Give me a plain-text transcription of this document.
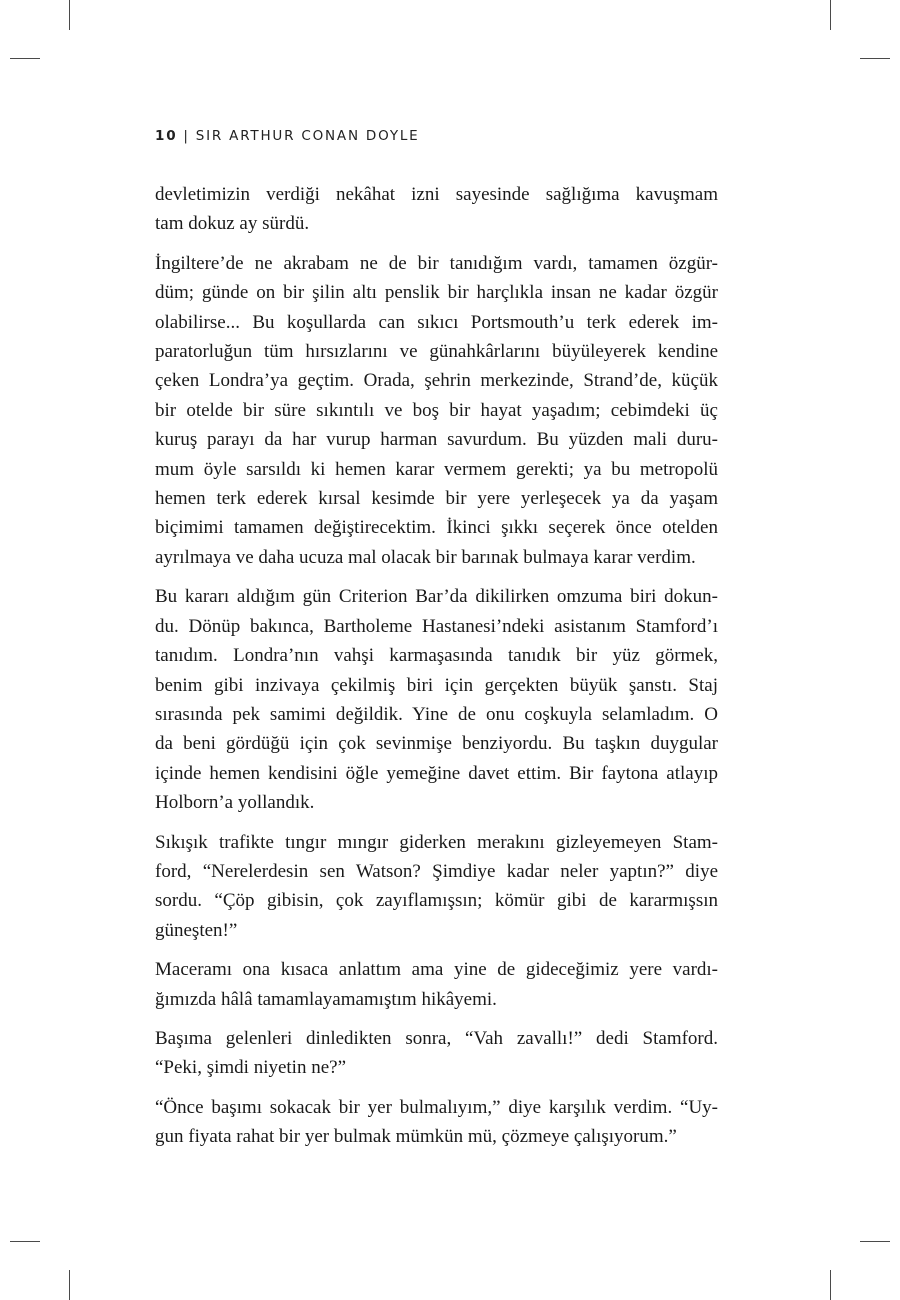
10 | SIR ARTHUR CONAN DOYLE
devletimizin verdiği nekâhat izni sayesinde sağlığıma kavuşmam
tam dokuz ay sürdü.
İngiltere’de ne akrabam ne de bir tanıdığım vardı, tamamen özgür-
düm; günde on bir şilin altı penslik bir harçlıkla insan ne kadar özgür
olabilirse... Bu koşullarda can sıkıcı Portsmouth’u terk ederek im-
paratorluğun tüm hırsızlarını ve günahkârlarını büyüleyerek kendine
çeken Londra’ya geçtim. Orada, şehrin merkezinde, Strand’de, küçük
bir otelde bir süre sıkıntılı ve boş bir hayat yaşadım; cebimdeki üç
kuruş parayı da har vurup harman savurdum. Bu yüzden mali duru-
mum öyle sarsıldı ki hemen karar vermem gerekti; ya bu metropolü
hemen terk ederek kırsal kesimde bir yere yerleşecek ya da yaşam
biçimimi tamamen değiştirecektim. İkinci şıkkı seçerek önce otelden
ayrılmaya ve daha ucuza mal olacak bir barınak bulmaya karar verdim.
Bu kararı aldığım gün Criterion Bar’da dikilirken omzuma biri dokun-
du. Dönüp bakınca, Bartholeme Hastanesi’ndeki asistanım Stamford’ı
tanıdım. Londra’nın vahşi karmaşasında tanıdık bir yüz görmek,
benim gibi inzivaya çekilmiş biri için gerçekten büyük şanstı. Staj
sırasında pek samimi değildik. Yine de onu coşkuyla selamladım. O
da beni gördüğü için çok sevinmişe benziyordu. Bu taşkın duygular
içinde hemen kendisini öğle yemeğine davet ettim. Bir faytona atlayıp
Holborn’a yollandık.
Sıkışık trafikte tıngır mıngır giderken merakını gizleyemeyen Stam-
ford, “Nerelerdesin sen Watson? Şimdiye kadar neler yaptın?” diye
sordu. “Çöp gibisin, çok zayıflamışsın; kömür gibi de kararmışsın
güneşten!”
Maceramı ona kısaca anlattım ama yine de gideceğimiz yere vardı-
ğımızda hâlâ tamamlayamamıştım hikâyemi.
Başıma gelenleri dinledikten sonra, “Vah zavallı!” dedi Stamford.
“Peki, şimdi niyetin ne?”
“Önce başımı sokacak bir yer bulmalıyım,” diye karşılık verdim. “Uy-
gun fiyata rahat bir yer bulmak mümkün mü, çözmeye çalışıyorum.”
